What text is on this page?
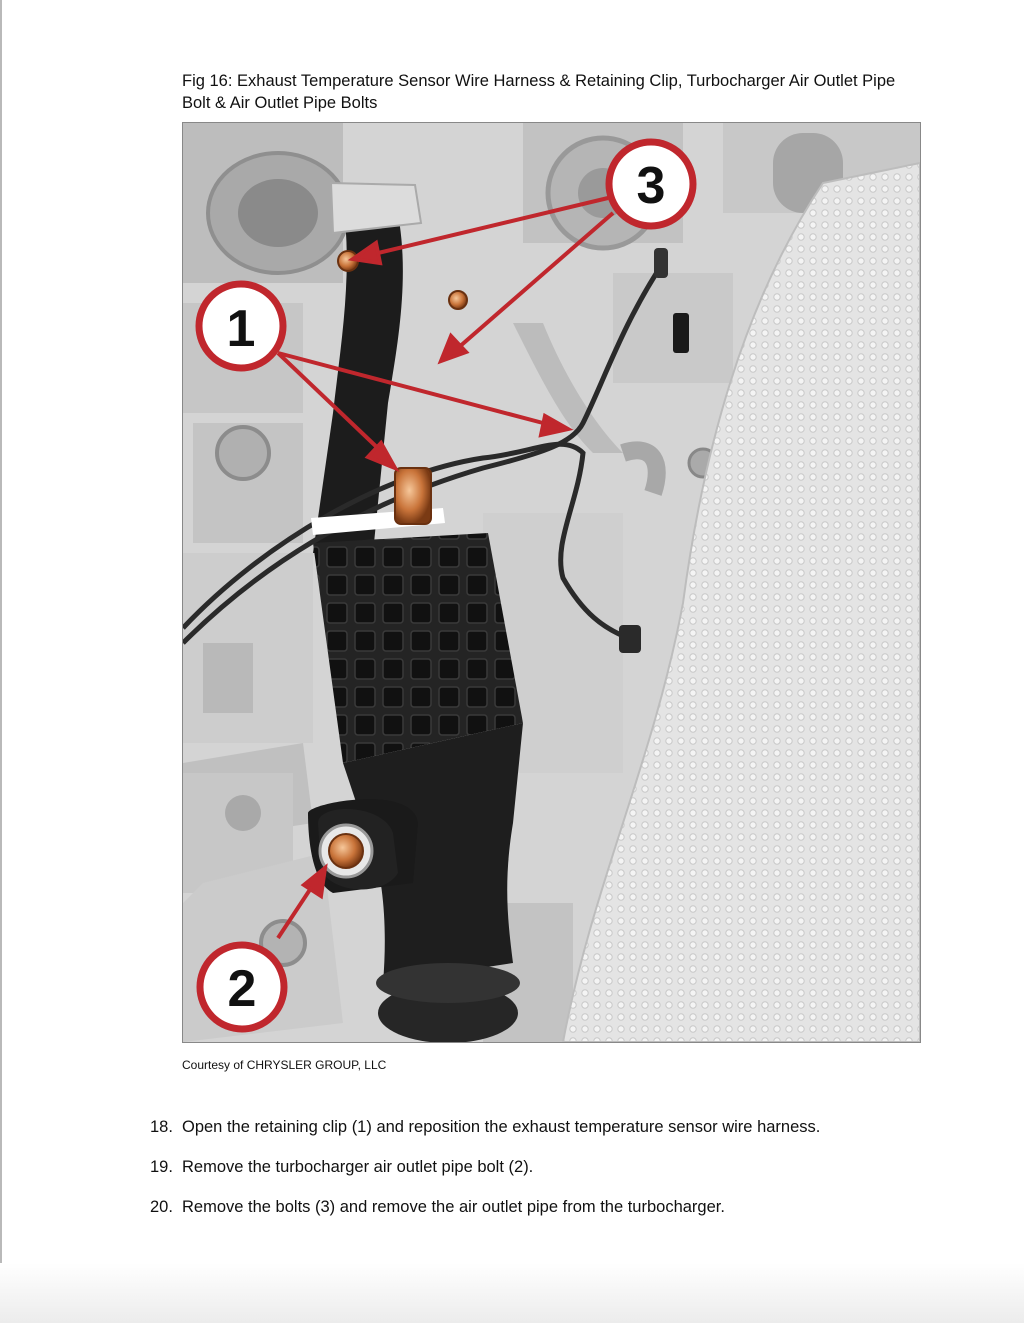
Fig 16: Exhaust Temperature Sensor Wire Harness & Retaining Clip, Turbocharger Air Outlet Pipe Bolt & Air Outlet Pipe Bolts

1
2
3
Courtesy of CHRYSLER GROUP, LLC
18. Open the retaining clip (1) and reposition the exhaust temperature sensor wire harness.
19. Remove the turbocharger air outlet pipe bolt (2).
20. Remove the bolts (3) and remove the air outlet pipe from the turbocharger.
